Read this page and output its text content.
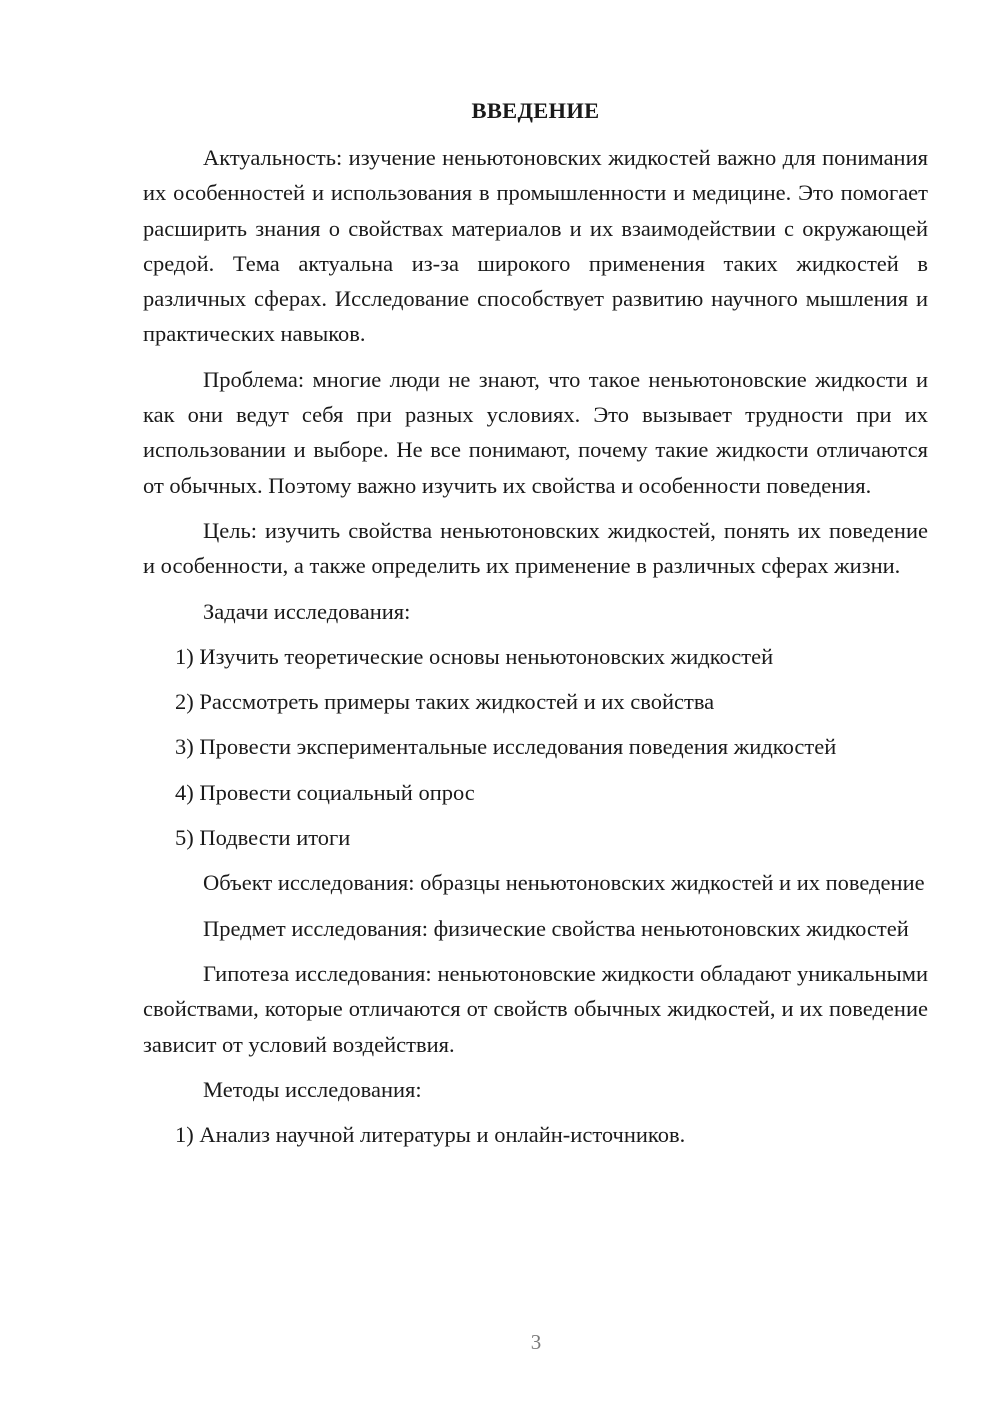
ВВЕДЕНИЕ

Актуальность: изучение неньютоновских жидкостей важно для понимания их особенностей и использования в промышленности и медицине. Это помогает расширить знания о свойствах материалов и их взаимодействии с окружающей средой. Тема актуальна из-за широкого применения таких жидкостей в различных сферах. Исследование способствует развитию научного мышления и практических навыков.

Проблема: многие люди не знают, что такое неньютоновские жидкости и как они ведут себя при разных условиях. Это вызывает трудности при их использовании и выборе. Не все понимают, почему такие жидкости отличаются от обычных. Поэтому важно изучить их свойства и особенности поведения.

Цель: изучить свойства неньютоновских жидкостей, понять их поведение и особенности, а также определить их применение в различных сферах жизни.

Задачи исследования:

1) Изучить теоретические основы неньютоновских жидкостей
2) Рассмотреть примеры таких жидкостей и их свойства
3) Провести экспериментальные исследования поведения жидкостей
4) Провести социальный опрос
5) Подвести итоги

Объект исследования: образцы неньютоновских жидкостей и их поведение

Предмет исследования: физические свойства неньютоновских жидкостей

Гипотеза исследования: неньютоновские жидкости обладают уникальными свойствами, которые отличаются от свойств обычных жидкостей, и их поведение зависит от условий воздействия.

Методы исследования:

1) Анализ научной литературы и онлайн-источников.
3
